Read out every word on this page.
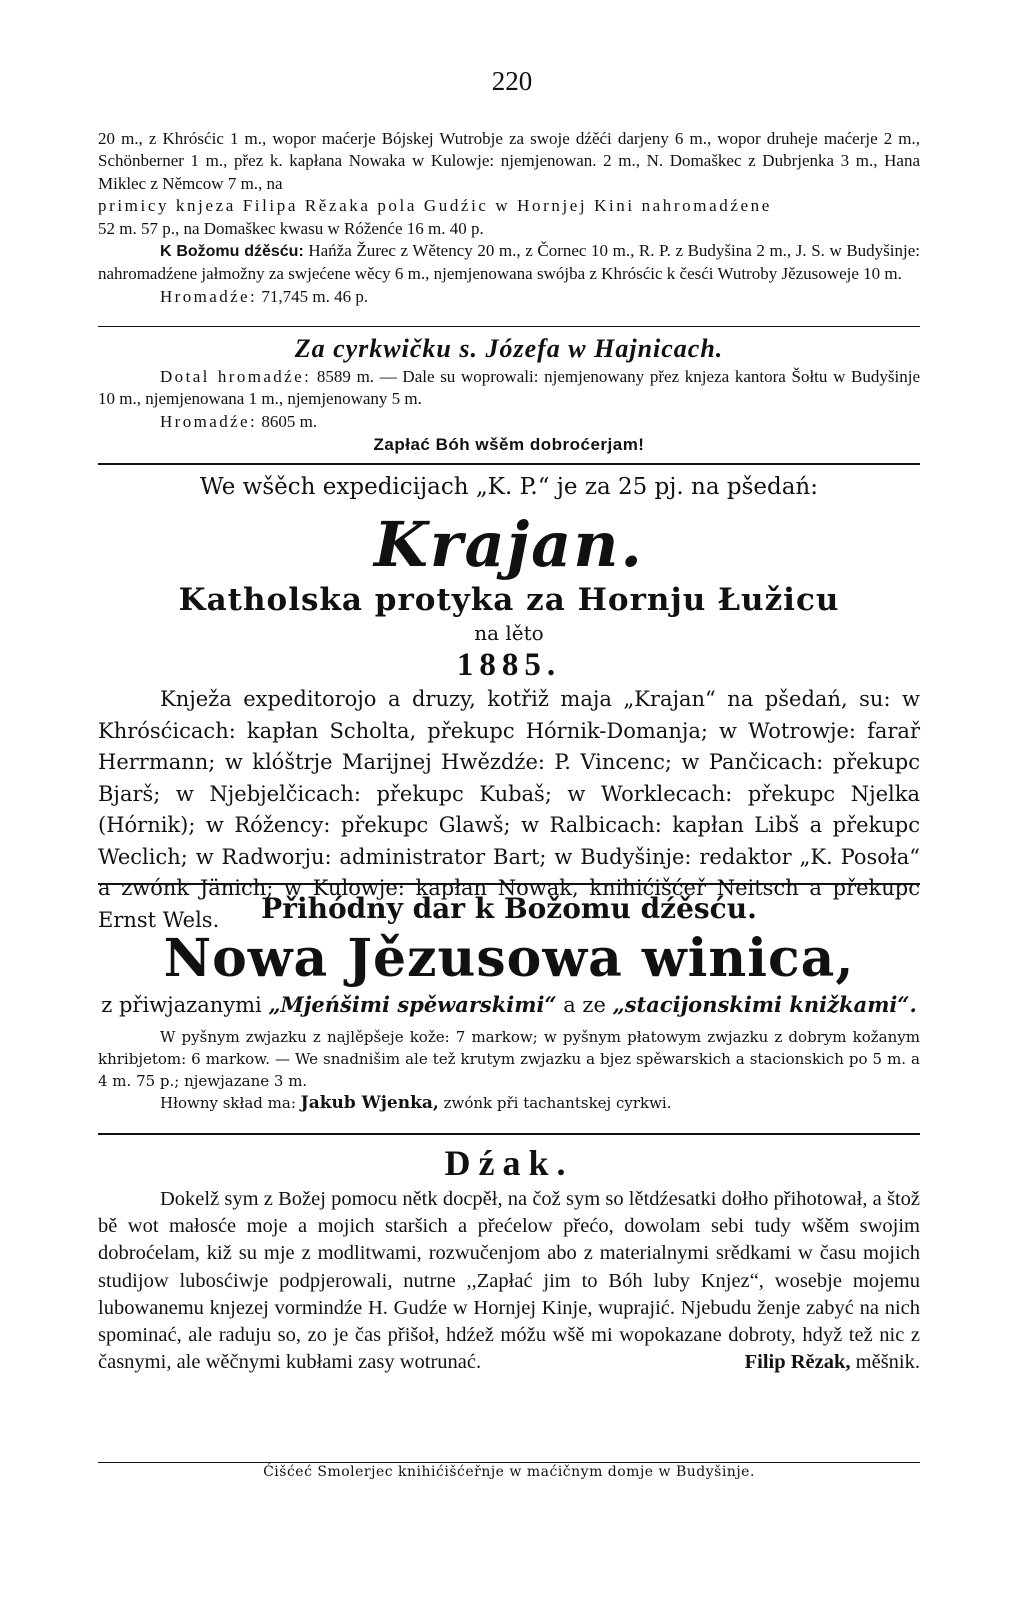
220

20 m., z Khrósćic 1 m., wopor maćerje Bójskej Wutrobje za swoje dźěći darjeny 6 m., wopor druheje maćerje 2 m., Schönberner 1 m., přez k. kapłana Nowaka w Kulowje: njemjenowan. 2 m., N. Domaškec z Dubrjenka 3 m., Hana Miklec z Němcow 7 m., na

primicy knjeza Filipa Rězaka pola Gudźic w Hornjej Kini nahromadźene

52 m. 57 p., na Domaškec kwasu w Róženće 16 m. 40 p.

K Božomu dźěsću: Hańža Žurec z Wětency 20 m., z Čornec 10 m., R. P. z Budyšina 2 m., J. S. w Budyšinje: nahromadźene jałmožny za swjećene wěcy 6 m., njemjenowana swójba z Khrósćic k česći Wutroby Jězusoweje 10 m.

Hromadźe: 71,745 m. 46 p.

Za cyrkwičku s. Józefa w Hajnicach.

Dotal hromadźe: 8589 m. — Dale su woprowali: njemjenowany přez knjeza kantora Šołtu w Budyšinje 10 m., njemjenowana 1 m., njemjenowany 5 m.

Hromadźe: 8605 m.

Zapłać Bóh wšěm dobroćerjam!
We wšěch expedicijach „K. P.“ je za 25 pj. na pšedań:
Krajan.
Katholska protyka za Hornju Łužicu
na lěto
1885.

Knježa expeditorojo a druzy, kotřiž maja „Krajan“ na pšedań, su: w Khrósćicach: kapłan Scholta, překupc Hórnik-Domanja; w Wotrowje: farař Herrmann; w klóštrje Marijnej Hwězdźe: P. Vincenc; w Pančicach: překupc Bjarš; w Njebjelčicach: překupc Kubaš; w Worklecach: překupc Njelka (Hórnik); w Róžency: překupc Glawš; w Ralbicach: kapłan Libš a překupc Weclich; w Radworju: administrator Bart; w Budyšinje: redaktor „K. Posoła“ a zwónk Jänich; w Kulowje: kapłan Nowak, knihićišćeř Neitsch a překupc Ernst Wels.	Přihódny dar k Božomu dźěsću.
Nowa Jězusowa winica,
z přiwjazanymi „Mjeńšimi spěwarskimi“ a ze „stacijonskimi knižkami“.

W pyšnym zwjazku z najlěpšeje kože: 7 markow; w pyšnym płatowym zwjazku z dobrym kožanym khribjetom: 6 markow. — We snadnišim ale tež krutym zwjazku a bjez spěwarskich a stacionskich po 5 m. a 4 m. 75 p.; njewjazane 3 m.

Hłowny skład ma: Jakub Wjenka, zwónk při tachantskej cyrkwi.

Dźak.

Dokelž sym z Božej pomocu nětk docpěł, na čož sym so lětdźesatki dołho přihotował, a štož bě wot małosće moje a mojich staršich a přećelow přećo, dowolam sebi tudy wšěm swojim dobroćelam, kiž su mje z modlitwami, rozwučenjom abo z materialnymi srědkami w času mojich studijow lubosćiwje podpjerowali, nutrne ,,Zapłać jim to Bóh luby Knjez“, wosebje mojemu lubowanemu knjezej vormindźe H. Gudźe w Hornjej Kinje, wuprajić. Njebudu ženje zabyć na nich spominać, ale raduju so, zo je čas přišoł, hdźež móžu wšě mi wopokazane dobroty, hdyž tež nic z časnymi, ale wěčnymi kubłami zasy wotrunać.	Filip Rězak, měšnik.

Ćišćeć Smolerjec knihićišćeřnje w maćičnym domje w Budyšinje.
